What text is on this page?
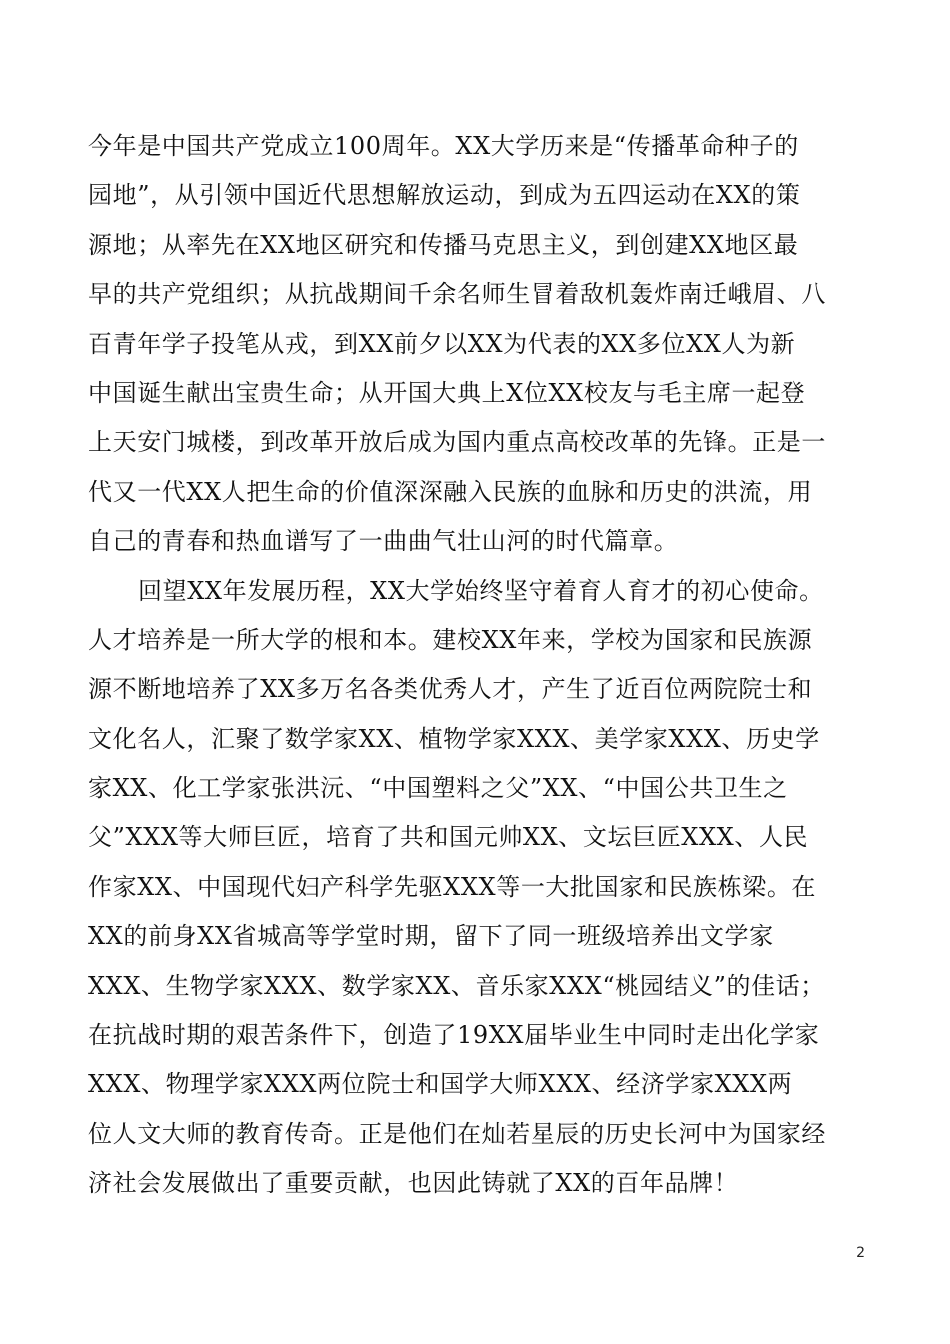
今年是中国共产党成立100周年。XX大学历来是“传播革命种子的
园地”，从引领中国近代思想解放运动，到成为五四运动在XX的策
源地；从率先在XX地区研究和传播马克思主义，到创建XX地区最
早的共产党组织；从抗战期间千余名师生冒着敌机轰炸南迁峨眉、八
百青年学子投笔从戎，到XX前夕以XX为代表的XX多位XX人为新
中国诞生献出宝贵生命；从开国大典上X位XX校友与毛主席一起登
上天安门城楼，到改革开放后成为国内重点高校改革的先锋。正是一
代又一代XX人把生命的价值深深融入民族的血脉和历史的洪流，用
自己的青春和热血谱写了一曲曲气壮山河的时代篇章。
回望XX年发展历程，XX大学始终坚守着育人育才的初心使命。
人才培养是一所大学的根和本。建校XX年来，学校为国家和民族源
源不断地培养了XX多万名各类优秀人才，产生了近百位两院院士和
文化名人，汇聚了数学家XX、植物学家XXX、美学家XXX、历史学
家XX、化工学家张洪沅、“中国塑料之父”XX、“中国公共卫生之
父”XXX等大师巨匠，培育了共和国元帅XX、文坛巨匠XXX、人民
作家XX、中国现代妇产科学先驱XXX等一大批国家和民族栋梁。在
XX的前身XX省城高等学堂时期，留下了同一班级培养出文学家
XXX、生物学家XXX、数学家XX、音乐家XXX“桃园结义”的佳话；
在抗战时期的艰苦条件下，创造了19XX届毕业生中同时走出化学家
XXX、物理学家XXX两位院士和国学大师XXX、经济学家XXX两
位人文大师的教育传奇。正是他们在灿若星辰的历史长河中为国家经
济社会发展做出了重要贡献，也因此铸就了XX的百年品牌！
2
